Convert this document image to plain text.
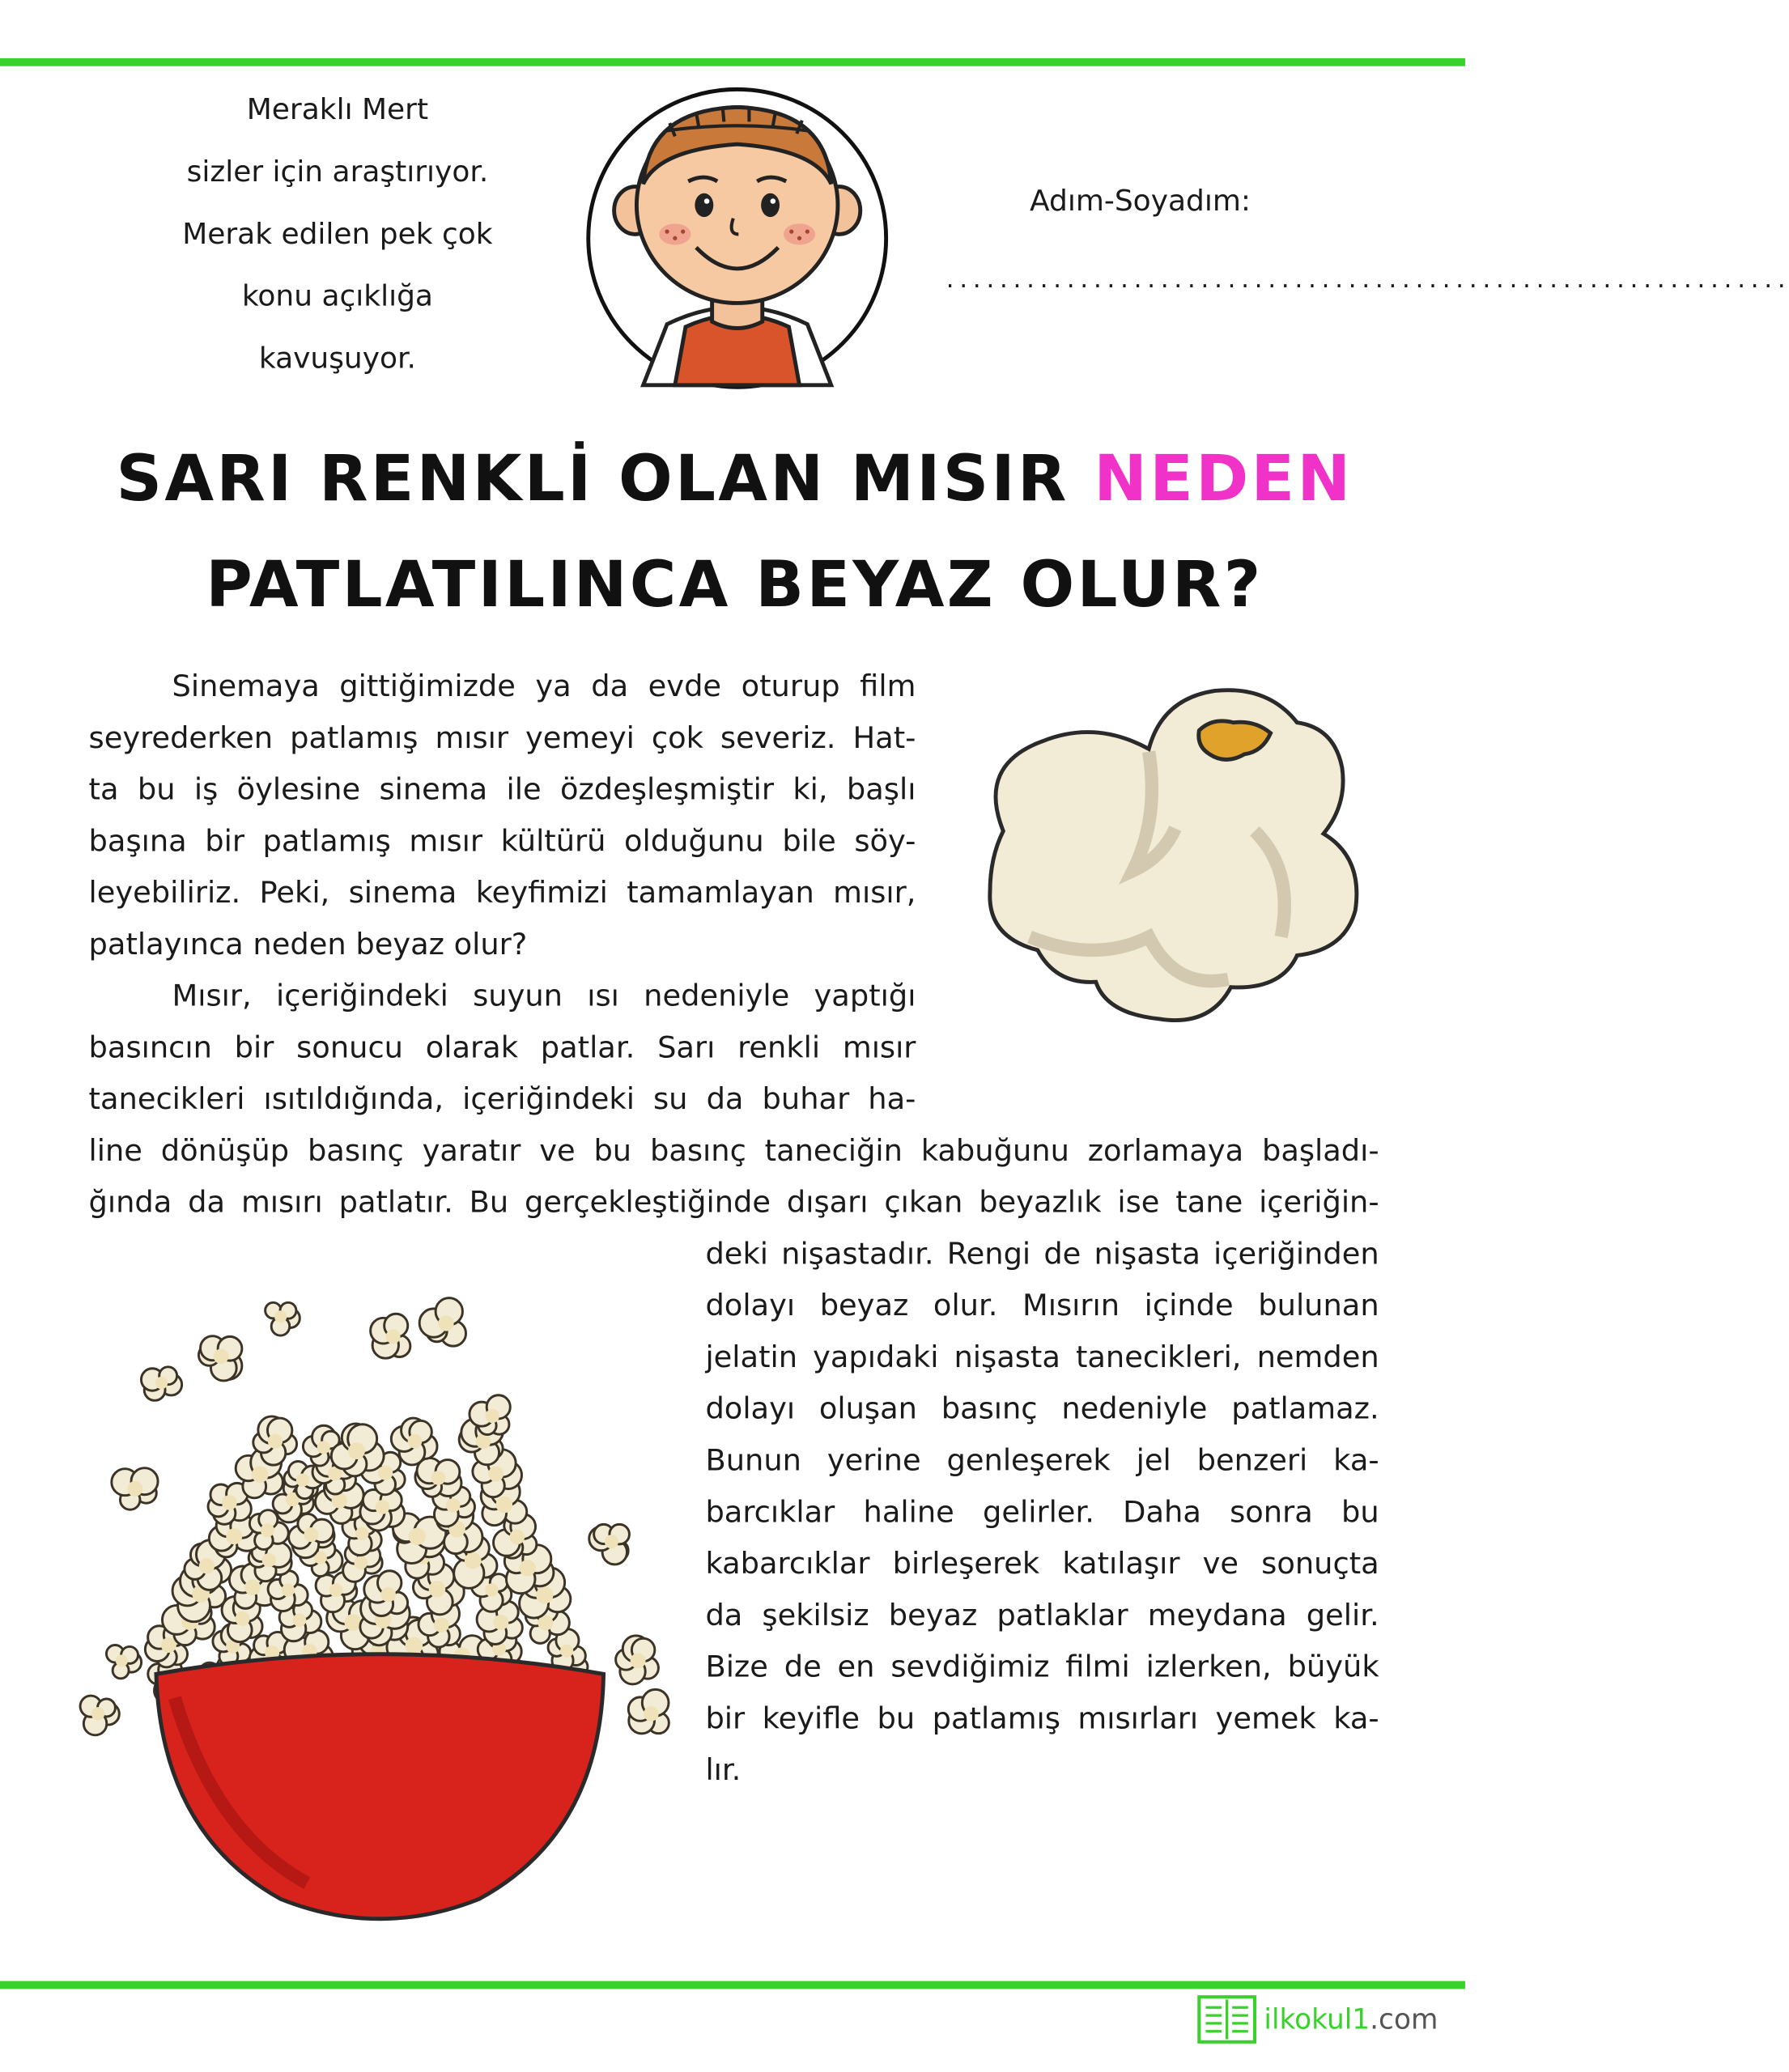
Meraklı Mert
sizler için araştırıyor.
Merak edilen pek çok
konu açıklığa
kavuşuyor.
Adım-Soyadım:
...............................................................
SARI RENKLİ OLAN MISIR NEDEN
PATLATILINCA BEYAZ OLUR?
Sinemaya gittiğimizde ya da evde oturup film
seyrederken patlamış mısır yemeyi çok severiz. Hat-
ta bu iş öylesine sinema ile özdeşleşmiştir ki, başlı
başına bir patlamış mısır kültürü olduğunu bile söy-
leyebiliriz. Peki, sinema keyfimizi tamamlayan mısır,
patlayınca neden beyaz olur?
Mısır, içeriğindeki suyun ısı nedeniyle yaptığı
basıncın bir sonucu olarak patlar. Sarı renkli mısır
tanecikleri ısıtıldığında, içeriğindeki su da buhar ha-
line dönüşüp basınç yaratır ve bu basınç taneciğin kabuğunu zorlamaya başladı-
ğında da mısırı patlatır. Bu gerçekleştiğinde dışarı çıkan beyazlık ise tane içeriğin-
deki nişastadır. Rengi de nişasta içeriğinden
dolayı beyaz olur. Mısırın içinde bulunan
jelatin yapıdaki nişasta tanecikleri, nemden
dolayı oluşan basınç nedeniyle patlamaz.
Bunun yerine genleşerek jel benzeri ka-
barcıklar haline gelirler. Daha sonra bu
kabarcıklar birleşerek katılaşır ve sonuçta
da şekilsiz beyaz patlaklar meydana gelir.
Bize de en sevdiğimiz filmi izlerken, büyük
bir keyifle bu patlamış mısırları yemek ka-
lır.
ilkokul1.com
